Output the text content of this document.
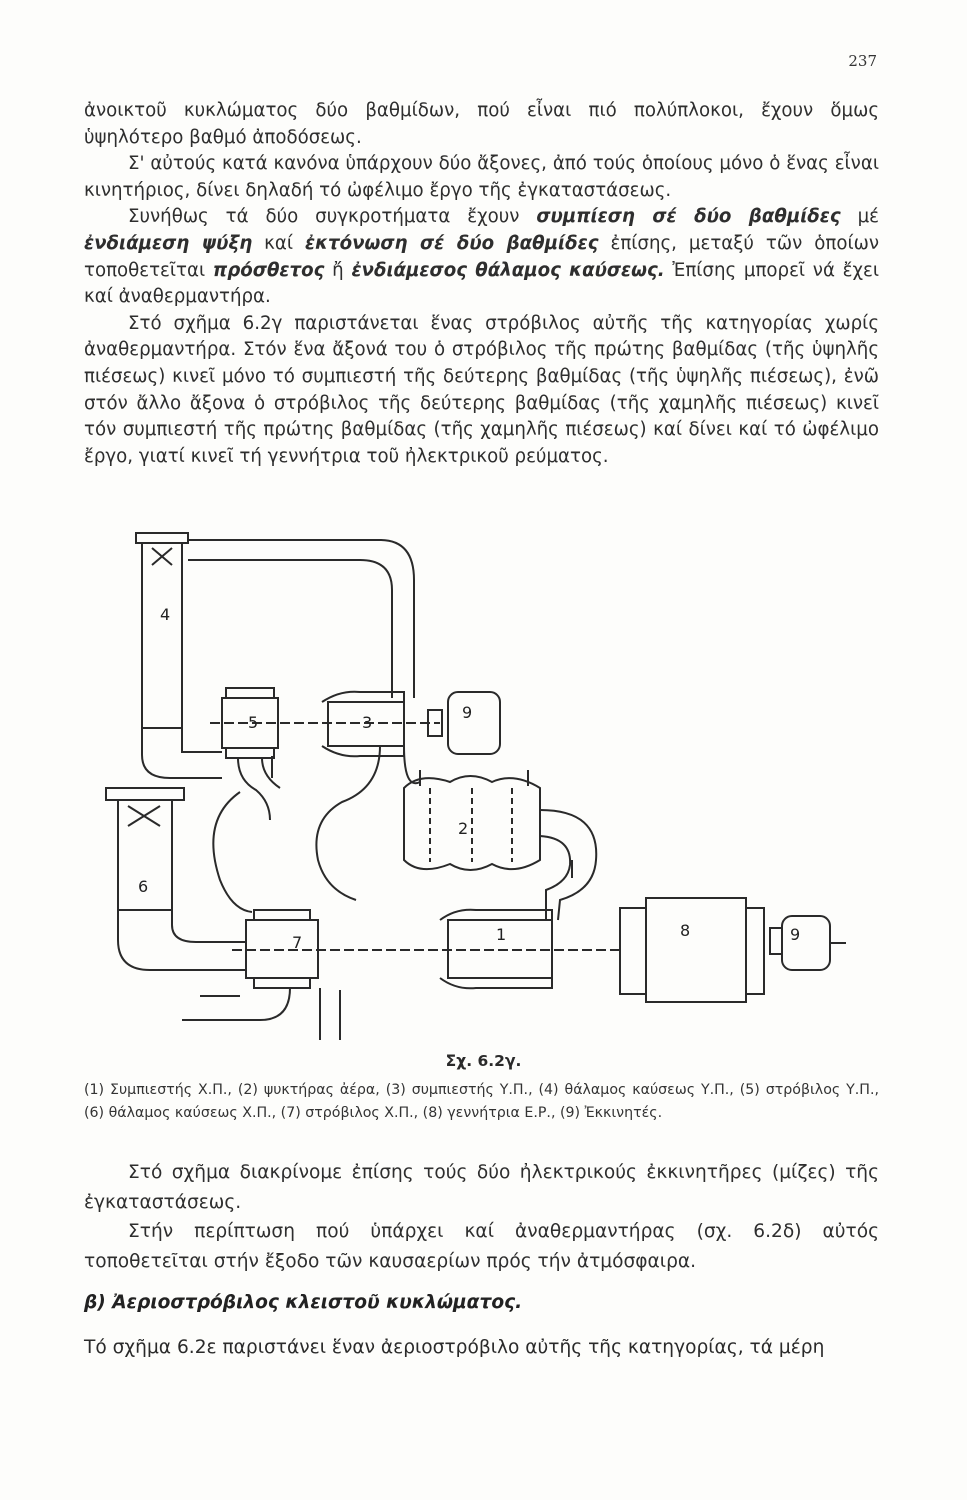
237

ἀνοικτοῦ κυκλώματος δύο βαθμίδων, πού εἶναι πιό πολύπλοκοι, ἔχουν ὅμως ὑψηλότερο βαθμό ἀποδόσεως.

Σ' αὐτούς κατά κανόνα ὑπάρχουν δύο ἄξονες, ἀπό τούς ὁποίους μόνο ὁ ἕνας εἶναι κινητήριος, δίνει δηλαδή τό ὠφέλιμο ἔργο τῆς ἐγκαταστάσεως.

Συνήθως τά δύο συγκροτήματα ἔχουν συμπίεση σέ δύο βαθμίδες μέ ἐνδιάμεση ψύξη καί ἐκτόνωση σέ δύο βαθμίδες ἐπίσης, μεταξύ τῶν ὁποίων τοποθετεῖται πρόσθετος ἤ ἐνδιάμεσος θάλαμος καύσεως. Ἐπίσης μπορεῖ νά ἔχει καί ἀναθερμαντήρα.

Στό σχῆμα 6.2γ παριστάνεται ἕνας στρόβιλος αὐτῆς τῆς κατηγορίας χωρίς ἀναθερμαντήρα. Στόν ἕνα ἄξονά του ὁ στρόβιλος τῆς πρώτης βαθμίδας (τῆς ὑψηλῆς πιέσεως) κινεῖ μόνο τό συμπιεστή τῆς δεύτερης βαθμίδας (τῆς ὑψηλῆς πιέσεως), ἐνῶ στόν ἄλλο ἄξονα ὁ στρόβιλος τῆς δεύτερης βαθμίδας (τῆς χαμηλῆς πιέσεως) κινεῖ τόν συμπιεστή τῆς πρώτης βαθμίδας (τῆς χαμηλῆς πιέσεως) καί δίνει καί τό ὠφέλιμο ἔργο, γιατί κινεῖ τή γεννήτρια τοῦ ἠλεκτρικοῦ ρεύματος.

4
5	3
9
2
6
7	1	8	9
Σχ. 6.2γ.
(1) Συμπιεστής Χ.Π., (2) ψυκτήρας ἀέρα, (3) συμπιεστής Υ.Π., (4) θάλαμος καύσεως Υ.Π., (5) στρόβιλος Υ.Π., (6) θάλαμος καύσεως Χ.Π., (7) στρόβιλος Χ.Π., (8) γεννήτρια Ε.Ρ., (9) Ἐκκινητές.

Στό σχῆμα διακρίνομε ἐπίσης τούς δύο ἠλεκτρικούς ἐκκινητῆρες (μίζες) τῆς ἐγκαταστάσεως.

Στήν περίπτωση πού ὑπάρχει καί ἀναθερμαντήρας (σχ. 6.2δ) αὐτός τοποθετεῖται στήν ἔξοδο τῶν καυσαερίων πρός τήν ἀτμόσφαιρα.

β) Ἀεριοστρόβιλος κλειστοῦ κυκλώματος.
Τό σχῆμα 6.2ε παριστάνει ἕναν ἀεριοστρόβιλο αὐτῆς τῆς κατηγορίας, τά μέρη
